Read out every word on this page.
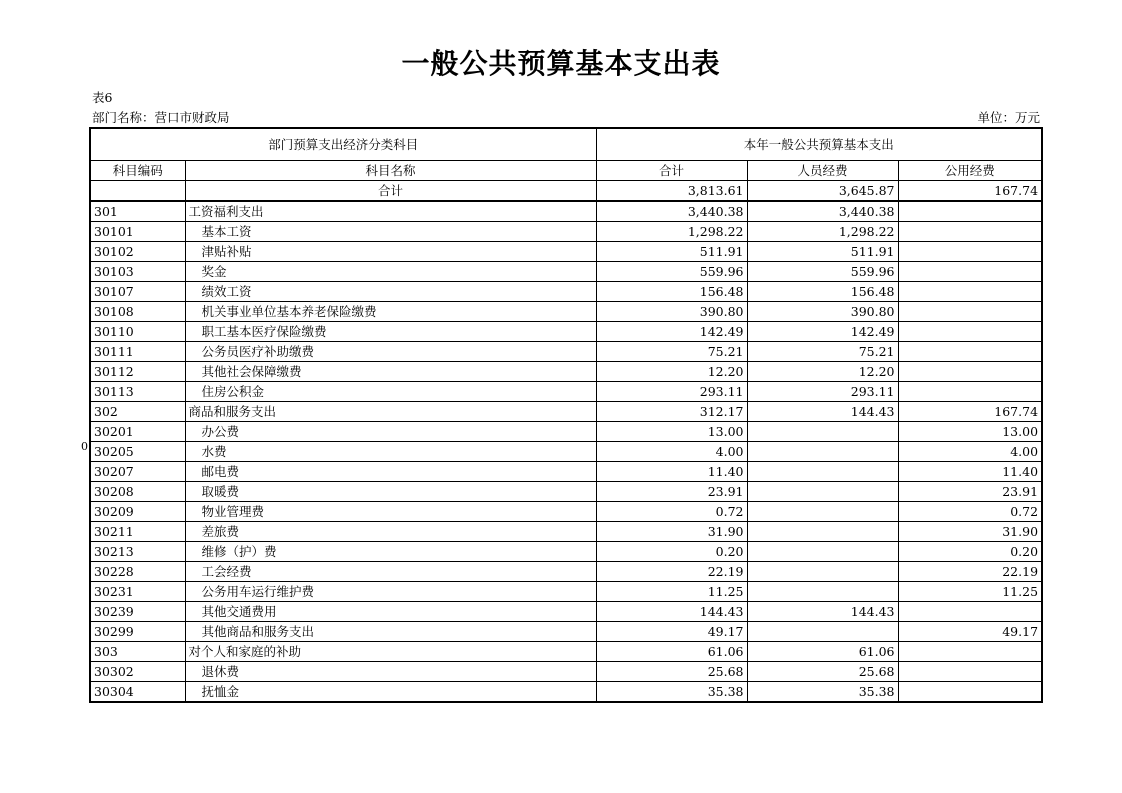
一般公共预算基本支出表
表6
部门名称：营口市财政局	单位：万元
0
部门预算支出经济分类科目		本年一般公共预算基本支出		
科目编码	科目名称	合计	人员经费	公用经费
	合计	3,813.61	3,645.87	167.74
301	工资福利支出	3,440.38	3,440.38	
30101	基本工资	1,298.22	1,298.22	
30102	津贴补贴	511.91	511.91	
30103	奖金	559.96	559.96	
30107	绩效工资	156.48	156.48	
30108	机关事业单位基本养老保险缴费	390.80	390.80	
30110	职工基本医疗保险缴费	142.49	142.49	
30111	公务员医疗补助缴费	75.21	75.21	
30112	其他社会保障缴费	12.20	12.20	
30113	住房公积金	293.11	293.11	
302	商品和服务支出	312.17	144.43	167.74
30201	办公费	13.00		13.00
30205	水费	4.00		4.00
30207	邮电费	11.40		11.40
30208	取暖费	23.91		23.91
30209	物业管理费	0.72		0.72
30211	差旅费	31.90		31.90
30213	维修（护）费	0.20		0.20
30228	工会经费	22.19		22.19
30231	公务用车运行维护费	11.25		11.25
30239	其他交通费用	144.43	144.43	
30299	其他商品和服务支出	49.17		49.17
303	对个人和家庭的补助	61.06	61.06	
30302	退休费	25.68	25.68	
30304	抚恤金	35.38	35.38	
